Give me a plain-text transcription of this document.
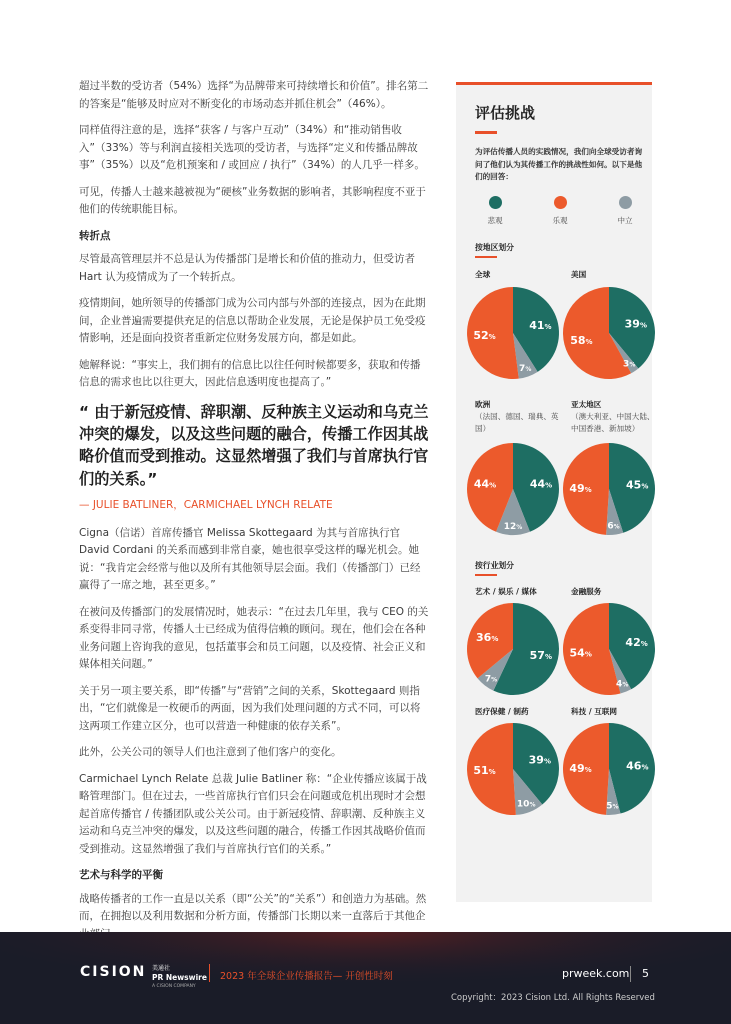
超过半数的受访者（54%）选择“为品牌带来可持续增长和价值”。排名第二的答案是“能够及时应对不断变化的市场动态并抓住机会”（46%）。

同样值得注意的是，选择“获客 / 与客户互动”（34%）和“推动销售收入”（33%）等与利润直接相关选项的受访者，与选择“定义和传播品牌故事”（35%）以及“危机预案和 / 或回应 / 执行”（34%）的人几乎一样多。

可见，传播人士越来越被视为“硬核”业务数据的影响者，其影响程度不亚于他们的传统职能目标。

转折点

尽管最高管理层并不总是认为传播部门是增长和价值的推动力，但受访者 Hart 认为疫情成为了一个转折点。

疫情期间，她所领导的传播部门成为公司内部与外部的连接点，因为在此期间，企业普遍需要提供充足的信息以帮助企业发展，无论是保护员工免受疫情影响，还是面向投资者重新定位财务发展方向，都是如此。

她解释说：“事实上，我们拥有的信息比以往任何时候都要多，获取和传播信息的需求也比以往更大，因此信息透明度也提高了。”

“ 由于新冠疫情、辞职潮、反种族主义运动和乌克兰冲突的爆发，以及这些问题的融合，传播工作因其战略价值而受到推动。这显然增强了我们与首席执行官们的关系。”
— JULIE BATLINER，CARMICHAEL LYNCH RELATE

Cigna（信诺）首席传播官 Melissa Skottegaard 为其与首席执行官 David Cordani 的关系而感到非常自豪，她也很享受这样的曝光机会。她说：“我肯定会经常与他以及所有其他领导层会面。我们（传播部门）已经赢得了一席之地，甚至更多。”

在被问及传播部门的发展情况时，她表示：“在过去几年里，我与 CEO 的关系变得非同寻常，传播人士已经成为值得信赖的顾问。现在，他们会在各种业务问题上咨询我的意见，包括董事会和员工问题，以及疫情、社会正义和媒体相关问题。”

关于另一项主要关系，即“传播”与“营销”之间的关系，Skottegaard 则指出，“它们就像是一枚硬币的两面，因为我们处理问题的方式不同，可以将这两项工作建立区分，也可以营造一种健康的依存关系”。

此外，公关公司的领导人们也注意到了他们客户的变化。

Carmichael Lynch Relate 总裁 Julie Batliner 称：“企业传播应该属于战略管理部门。但在过去，一些首席执行官们只会在问题或危机出现时才会想起首席传播官 / 传播团队或公关公司。由于新冠疫情、辞职潮、反种族主义运动和乌克兰冲突的爆发，以及这些问题的融合，传播工作因其战略价值而受到推动。这显然增强了我们与首席执行官们的关系。”

艺术与科学的平衡

战略传播者的工作一直是以关系（即“公关”的“关系”）和创造力为基础。然而，在拥抱以及利用数据和分析方面，传播部门长期以来一直落后于其他企

评估挑战
为评估传播人员的实践情况，我们向全球受访者询问了他们认为其传播工作的挑战性如何。以下是他们的回答：
悲观	乐观	中立
按地区划分
全球	美国
41%
7%
52%
39%
3%
58%
欧洲
（法国、德国、瑞典、英国）
亚太地区
（澳大利亚、中国大陆、中国香港、新加坡）
44%
12%
44%	45%
6%
49%
按行业划分
艺术 / 娱乐 / 媒体	金融服务
57%
7%
36%	42%
4%
54%
医疗保健 / 制药	科技 / 互联网
39%
10%
51%	46%
5%
49%
CISION 美通社
PR Newswire
A CISION COMPANY
2023 年全球企业传播报告— 开创性时刻	prweek.com 5
Copyright：2023 Cision Ltd. All Rights Reserved
